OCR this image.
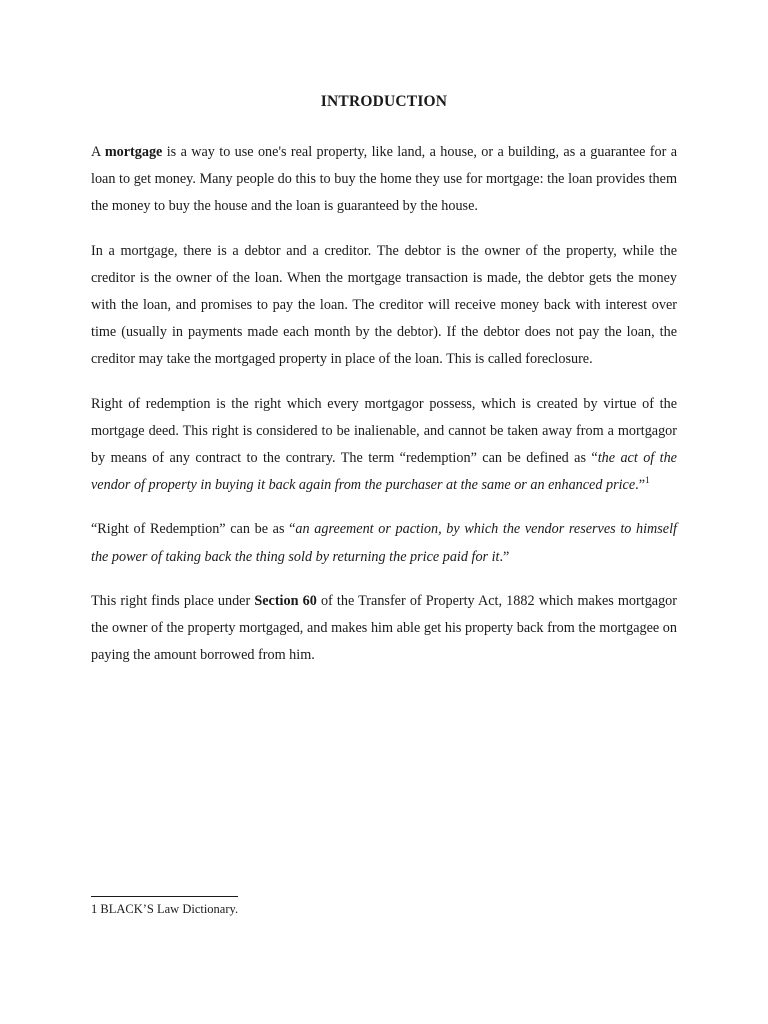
INTRODUCTION

A mortgage is a way to use one's real property, like land, a house, or a building, as a guarantee for a loan to get money. Many people do this to buy the home they use for mortgage: the loan provides them the money to buy the house and the loan is guaranteed by the house.

In a mortgage, there is a debtor and a creditor. The debtor is the owner of the property, while the creditor is the owner of the loan. When the mortgage transaction is made, the debtor gets the money with the loan, and promises to pay the loan. The creditor will receive money back with interest over time (usually in payments made each month by the debtor). If the debtor does not pay the loan, the creditor may take the mortgaged property in place of the loan. This is called foreclosure.

Right of redemption is the right which every mortgagor possess, which is created by virtue of the mortgage deed. This right is considered to be inalienable, and cannot be taken away from a mortgagor by means of any contract to the contrary. The term “redemption” can be defined as “the act of the vendor of property in buying it back again from the purchaser at the same or an enhanced price.”$^1$

“Right of Redemption” can be as “an agreement or paction, by which the vendor reserves to himself the power of taking back the thing sold by returning the price paid for it.”

This right finds place under Section 60 of the Transfer of Property Act, 1882 which makes mortgagor the owner of the property mortgaged, and makes him able get his property back from the mortgagee on paying the amount borrowed from him.

1 BLACK’S Law Dictionary.
